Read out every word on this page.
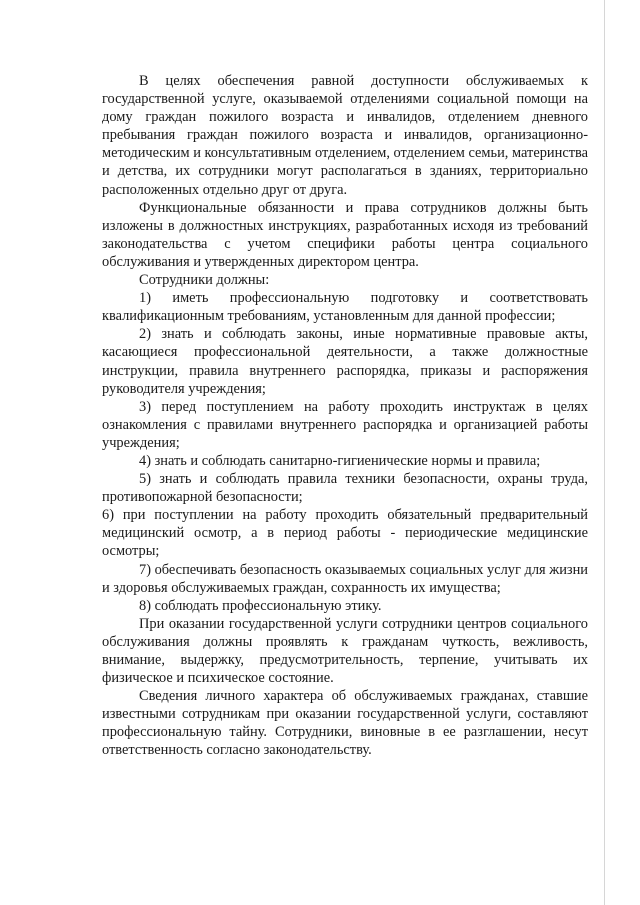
В целях обеспечения равной доступности обслуживаемых к государственной услуге, оказываемой отделениями социальной помощи на дому граждан пожилого возраста и инвалидов, отделением дневного пребывания граждан пожилого возраста и инвалидов, организационно-методическим и консультативным отделением, отделением семьи, материнства и детства, их сотрудники могут располагаться в зданиях, территориально расположенных отдельно друг от друга.

Функциональные обязанности и права сотрудников должны быть изложены в должностных инструкциях, разработанных исходя из требований законодательства с учетом специфики работы центра социального обслуживания и утвержденных директором центра.

Сотрудники должны:

1) иметь профессиональную подготовку и соответствовать квалификационным требованиям, установленным для данной профессии;

2) знать и соблюдать законы, иные нормативные правовые акты, касающиеся профессиональной деятельности, а также должностные инструкции, правила внутреннего распорядка, приказы и распоряжения руководителя учреждения;

3) перед поступлением на работу проходить инструктаж в целях ознакомления с правилами внутреннего распорядка и организацией работы учреждения;

4) знать и соблюдать санитарно-гигиенические нормы и правила;

5) знать и соблюдать правила техники безопасности, охраны труда, противопожарной безопасности;

6) при поступлении на работу проходить обязательный предварительный медицинский осмотр, а в период работы - периодические медицинские осмотры;

7) обеспечивать безопасность оказываемых социальных услуг для жизни и здоровья обслуживаемых граждан, сохранность их имущества;

8) соблюдать профессиональную этику.

При оказании государственной услуги сотрудники центров социального обслуживания должны проявлять к гражданам чуткость, вежливость, внимание, выдержку, предусмотрительность, терпение, учитывать их физическое и психическое состояние.

Сведения личного характера об обслуживаемых гражданах, ставшие известными сотрудникам при оказании государственной услуги, составляют профессиональную тайну. Сотрудники, виновные в ее разглашении, несут ответственность согласно законодательству.
